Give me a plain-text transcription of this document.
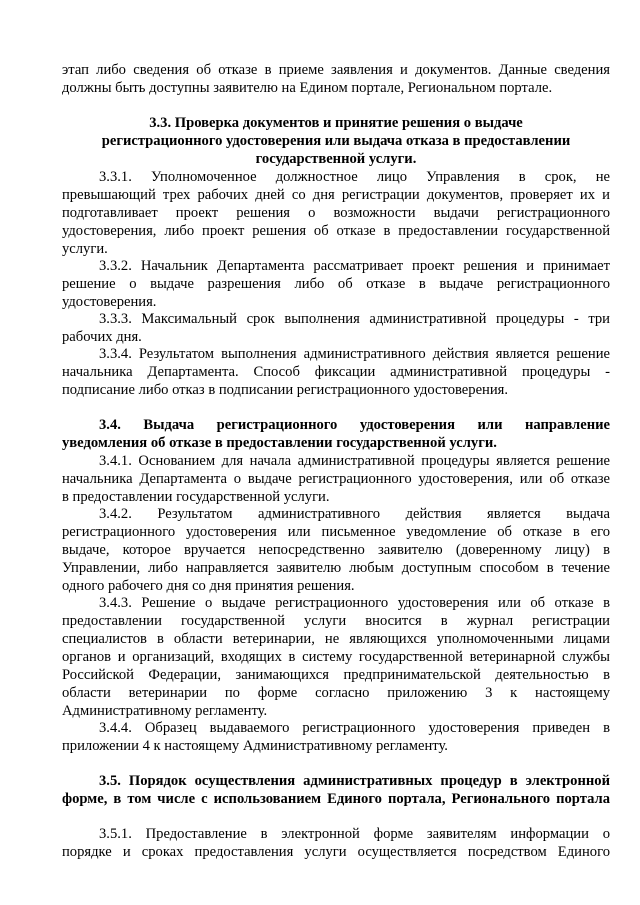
этап либо сведения об отказе в приеме заявления и документов. Данные сведения
должны быть доступны заявителю на Едином портале, Региональном портале.
3.3. Проверка документов и принятие решения о выдаче
регистрационного удостоверения или выдача отказа в предоставлении
государственной услуги.
3.3.1. Уполномоченное должностное лицо Управления в срок, не
превышающий трех рабочих дней со дня регистрации документов, проверяет их и
подготавливает проект решения о возможности выдачи регистрационного
удостоверения, либо проект решения об отказе в предоставлении государственной
услуги.
3.3.2. Начальник Департамента рассматривает проект решения и принимает
решение о выдаче разрешения либо об отказе в выдаче регистрационного
удостоверения.
3.3.3. Максимальный срок выполнения административной процедуры - три
рабочих дня.
3.3.4. Результатом выполнения административного действия является решение
начальника Департамента. Способ фиксации административной процедуры -
подписание либо отказ в подписании регистрационного удостоверения.
3.4. Выдача регистрационного удостоверения или направление
уведомления об отказе в предоставлении государственной услуги.
3.4.1. Основанием для начала административной процедуры является решение
начальника Департамента о выдаче регистрационного удостоверения, или об отказе
в предоставлении государственной услуги.
3.4.2. Результатом административного действия является выдача
регистрационного удостоверения или письменное уведомление об отказе в его
выдаче, которое вручается непосредственно заявителю (доверенному лицу) в
Управлении, либо направляется заявителю любым доступным способом в течение
одного рабочего дня со дня принятия решения.
3.4.3. Решение о выдаче регистрационного удостоверения или об отказе в
предоставлении государственной услуги вносится в журнал регистрации
специалистов в области ветеринарии, не являющихся уполномоченными лицами
органов и организаций, входящих в систему государственной ветеринарной службы
Российской Федерации, занимающихся предпринимательской деятельностью в
области ветеринарии по форме согласно приложению 3 к настоящему
Административному регламенту.
3.4.4. Образец выдаваемого регистрационного удостоверения приведен в
приложении 4 к настоящему Административному регламенту.
3.5. Порядок осуществления административных процедур в электронной
форме, в том числе с использованием Единого портала, Регионального портала
3.5.1. Предоставление в электронной форме заявителям информации о
порядке и сроках предоставления услуги осуществляется посредством Единого
